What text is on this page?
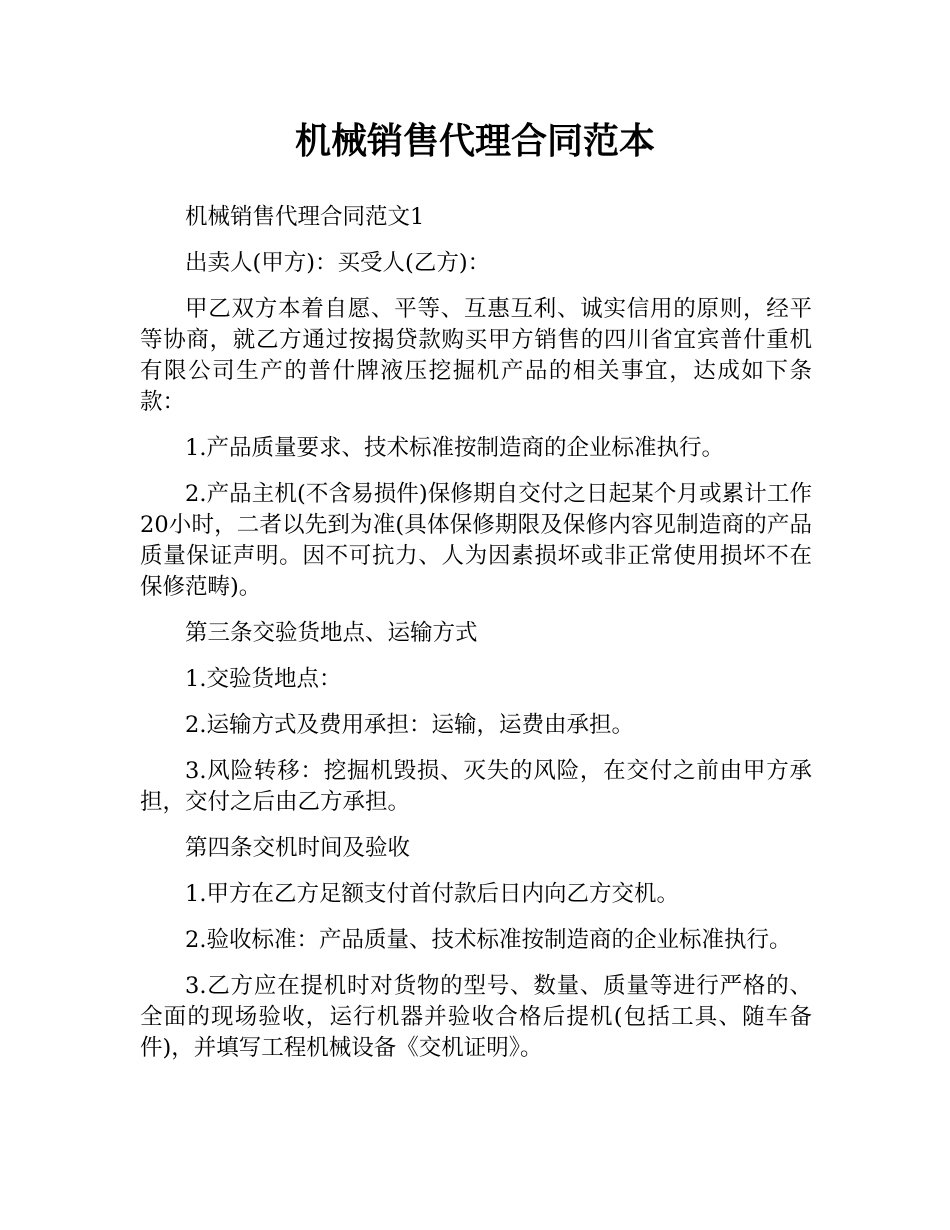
机械销售代理合同范本

机械销售代理合同范文1

出卖人(甲方)：买受人(乙方)：

甲乙双方本着自愿、平等、互惠互利、诚实信用的原则，经平等协商，就乙方通过按揭贷款购买甲方销售的四川省宜宾普什重机有限公司生产的普什牌液压挖掘机产品的相关事宜，达成如下条款：

1.产品质量要求、技术标准按制造商的企业标准执行。

2.产品主机(不含易损件)保修期自交付之日起某个月或累计工作20小时，二者以先到为准(具体保修期限及保修内容见制造商的产品质量保证声明。因不可抗力、人为因素损坏或非正常使用损坏不在保修范畴)。

第三条交验货地点、运输方式

1.交验货地点：

2.运输方式及费用承担：运输，运费由承担。

3.风险转移：挖掘机毁损、灭失的风险，在交付之前由甲方承担，交付之后由乙方承担。

第四条交机时间及验收

1.甲方在乙方足额支付首付款后日内向乙方交机。

2.验收标准：产品质量、技术标准按制造商的企业标准执行。

3.乙方应在提机时对货物的型号、数量、质量等进行严格的、全面的现场验收，运行机器并验收合格后提机(包括工具、随车备件)，并填写工程机械设备《交机证明》。
